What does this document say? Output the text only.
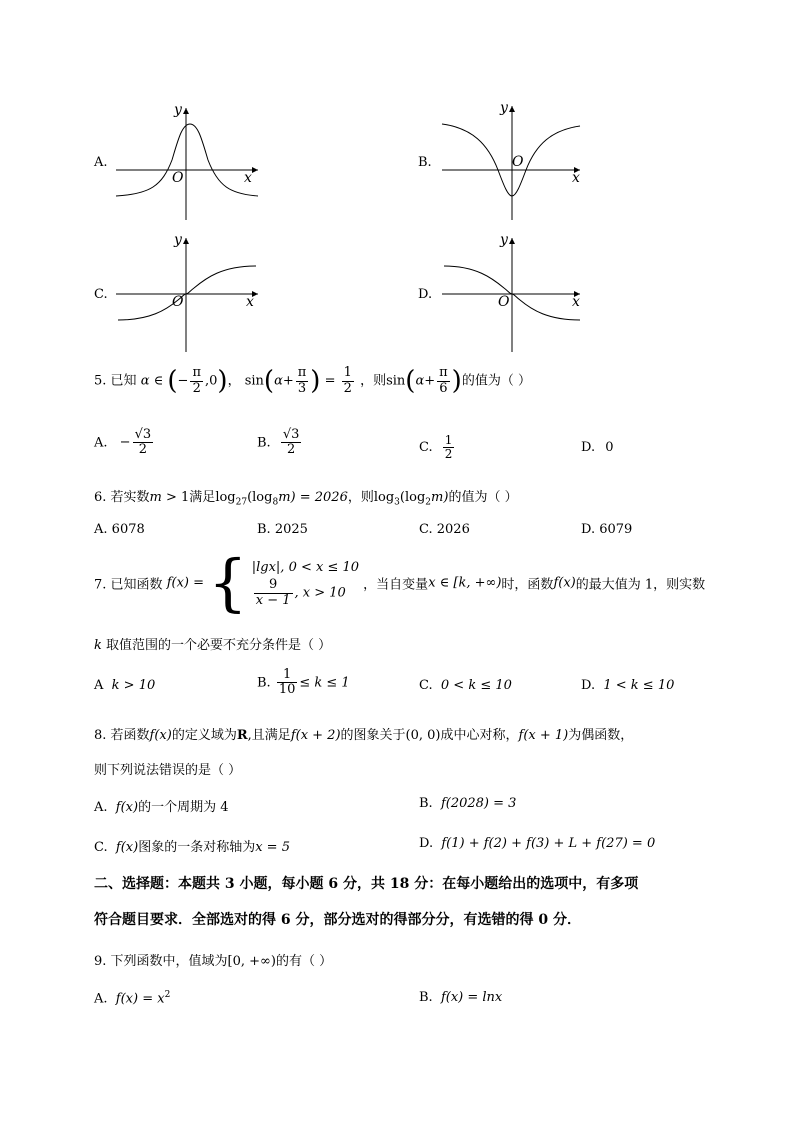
A.
y
x
O
B.
y
x
O
C.
y
x
O	D.
y
x
O
5. 已知 α ∈ (− $\frac{\pi}{2} ,0$)， $\sin(\alpha+ \frac{\pi}{3}$ ) = $\frac{1}{2}$ ，则$\sin(\alpha+ \frac{\pi}{6}$ )的值为（ ）
A. − $\frac{√3}{2}$	B. $\frac{√3}{2}$	C. $\frac{1}{2}$	D. 0
6. 若实数m > 1满足$\log_{27}(\log_8m) = 2026$，则$\log_3(\log_2m)$的值为（ ）
A. 6078	B. 2025	C. 2026	D. 6079
7. 已知函数 f(x) = { |lgx|, 0 < x ≤ 10
$\frac{9}{x - 1}$ , x > 10
，当自变量x ∈ [k, +∞)时，函数f(x)的最大值为 1，则实数
k 取值范围的一个必要不充分条件是（ ）
A k > 10	B. $\frac{1}{10} \le k \le 1$	C. 0 < k ≤ 10	D. 1 < k ≤ 10
8. 若函数f(x)的定义域为R,且满足f(x + 2)的图象关于(0, 0)成中心对称，f(x + 1)为偶函数，
则下列说法错误的是（ ）
A. f(x)的一个周期为 4	B. f(2028) = 3
C. f(x)图象的一条对称轴为x = 5	D. f(1) + f(2) + f(3) + L + f(27) = 0
二、选择题：本题共 3 小题，每小题 6 分，共 18 分：在每小题给出的选项中，有多项
符合题目要求．全部选对的得 6 分，部分选对的得部分分，有选错的得 0 分．
9. 下列函数中，值域为[0, +∞)的有（ ）
A. $f(x) = x^2$	B. f(x) = lnx
